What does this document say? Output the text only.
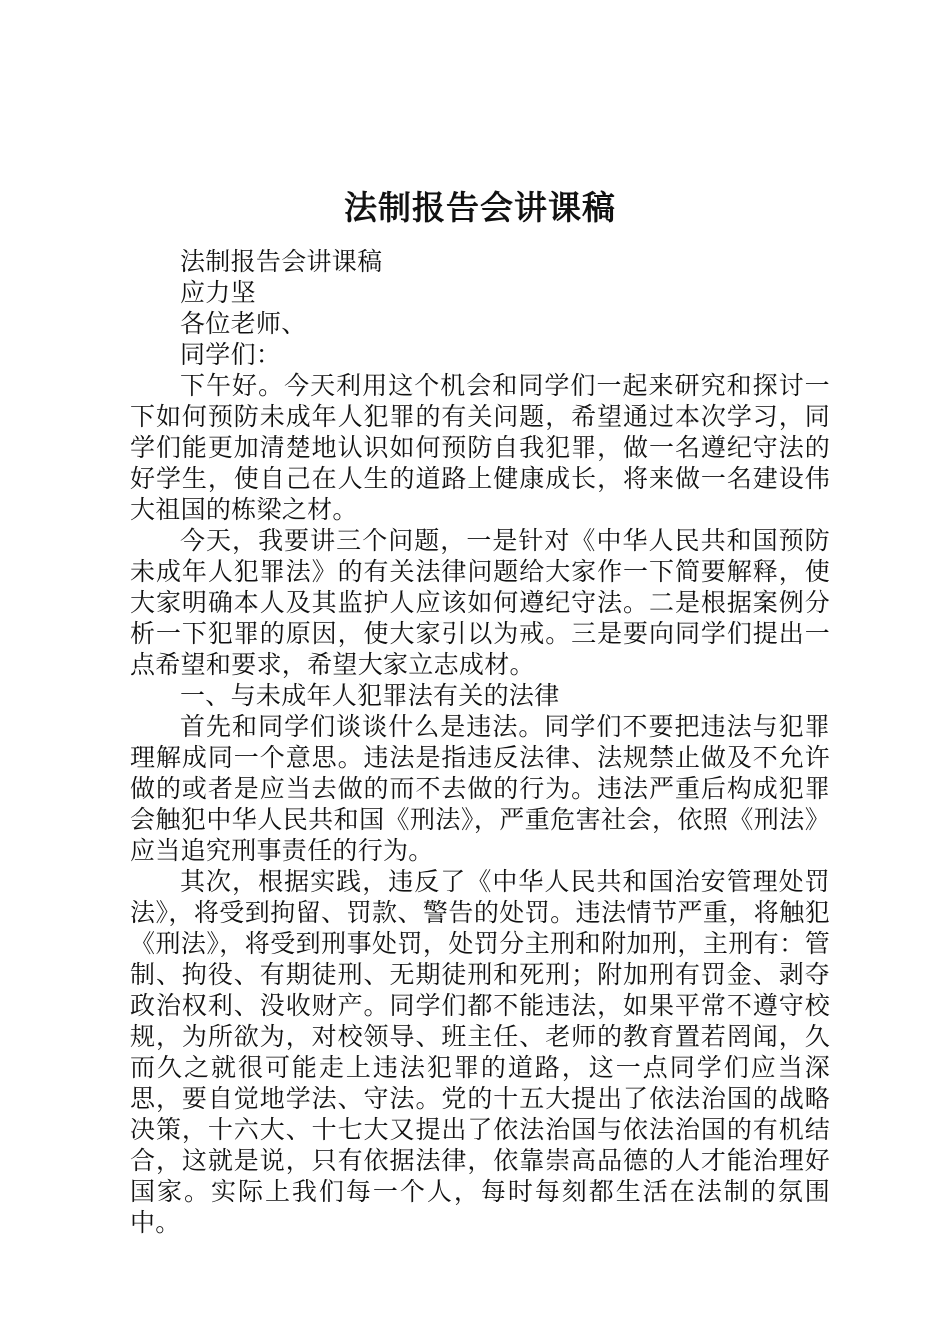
法制报告会讲课稿

法制报告会讲课稿

应力坚

各位老师、

同学们：

下午好。今天利用这个机会和同学们一起来研究和探讨一下如何预防未成年人犯罪的有关问题，希望通过本次学习，同学们能更加清楚地认识如何预防自我犯罪，做一名遵纪守法的好学生，使自己在人生的道路上健康成长，将来做一名建设伟大祖国的栋梁之材。

今天，我要讲三个问题，一是针对《中华人民共和国预防未成年人犯罪法》的有关法律问题给大家作一下简要解释，使大家明确本人及其监护人应该如何遵纪守法。二是根据案例分析一下犯罪的原因，使大家引以为戒。三是要向同学们提出一点希望和要求，希望大家立志成材。

一、与未成年人犯罪法有关的法律

首先和同学们谈谈什么是违法。同学们不要把违法与犯罪理解成同一个意思。违法是指违反法律、法规禁止做及不允许做的或者是应当去做的而不去做的行为。违法严重后构成犯罪会触犯中华人民共和国《刑法》，严重危害社会，依照《刑法》应当追究刑事责任的行为。

其次，根据实践，违反了《中华人民共和国治安管理处罚法》，将受到拘留、罚款、警告的处罚。违法情节严重，将触犯《刑法》，将受到刑事处罚，处罚分主刑和附加刑，主刑有：管制、拘役、有期徒刑、无期徒刑和死刑；附加刑有罚金、剥夺政治权利、没收财产。同学们都不能违法，如果平常不遵守校规，为所欲为，对校领导、班主任、老师的教育置若罔闻，久而久之就很可能走上违法犯罪的道路，这一点同学们应当深思，要自觉地学法、守法。党的十五大提出了依法治国的战略决策，十六大、十七大又提出了依法治国与依法治国的有机结合，这就是说，只有依据法律，依靠崇高品德的人才能治理好国家。实际上我们每一个人，每时每刻都生活在法制的氛围中。
